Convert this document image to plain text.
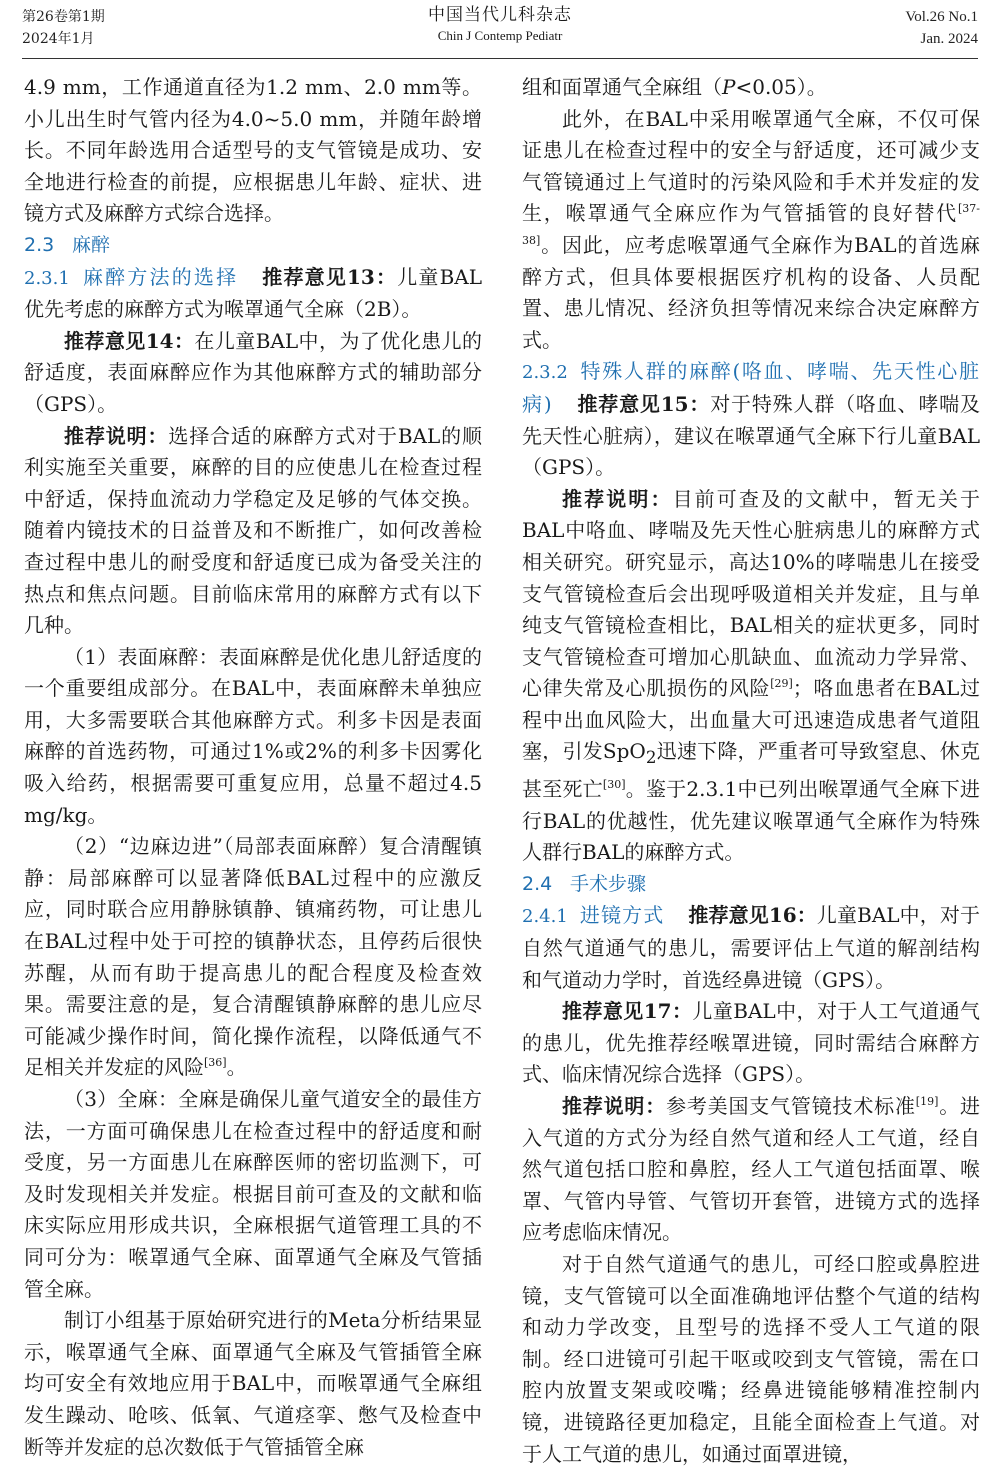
第26卷第1期
2024年1月
中国当代儿科杂志
Chin J Contemp Pediatr
Vol.26 No.1
Jan. 2024

4.9 mm，工作通道直径为1.2 mm、2.0 mm等。小儿出生时气管内径为4.0~5.0 mm，并随年龄增长。不同年龄选用合适型号的支气管镜是成功、安全地进行检查的前提，应根据患儿年龄、症状、进镜方式及麻醉方式综合选择。

2.3 麻醉

2.3.1 麻醉方法的选择 推荐意见13：儿童BAL优先考虑的麻醉方式为喉罩通气全麻（2B）。

推荐意见14：在儿童BAL中，为了优化患儿的舒适度，表面麻醉应作为其他麻醉方式的辅助部分（GPS）。

推荐说明：选择合适的麻醉方式对于BAL的顺利实施至关重要，麻醉的目的应使患儿在检查过程中舒适，保持血流动力学稳定及足够的气体交换。随着内镜技术的日益普及和不断推广，如何改善检查过程中患儿的耐受度和舒适度已成为备受关注的热点和焦点问题。目前临床常用的麻醉方式有以下几种。

（1）表面麻醉：表面麻醉是优化患儿舒适度的一个重要组成部分。在BAL中，表面麻醉未单独应用，大多需要联合其他麻醉方式。利多卡因是表面麻醉的首选药物，可通过1%或2%的利多卡因雾化吸入给药，根据需要可重复应用，总量不超过4.5 mg/kg。

（2）“边麻边进”（局部表面麻醉）复合清醒镇静：局部麻醉可以显著降低BAL过程中的应激反应，同时联合应用静脉镇静、镇痛药物，可让患儿在BAL过程中处于可控的镇静状态，且停药后很快苏醒，从而有助于提高患儿的配合程度及检查效果。需要注意的是，复合清醒镇静麻醉的患儿应尽可能减少操作时间，简化操作流程，以降低通气不足相关并发症的风险[36]。

（3）全麻：全麻是确保儿童气道安全的最佳方法，一方面可确保患儿在检查过程中的舒适度和耐受度，另一方面患儿在麻醉医师的密切监测下，可及时发现相关并发症。根据目前可查及的文献和临床实际应用形成共识，全麻根据气道管理工具的不同可分为：喉罩通气全麻、面罩通气全麻及气管插管全麻。

制订小组基于原始研究进行的Meta分析结果显示，喉罩通气全麻、面罩通气全麻及气管插管全麻均可安全有效地应用于BAL中，而喉罩通气全麻组发生躁动、呛咳、低氧、气道痉挛、憋气及检查中断等并发症的总次数低于气管插管全麻

组和面罩通气全麻组（P<0.05）。

此外，在BAL中采用喉罩通气全麻，不仅可保证患儿在检查过程中的安全与舒适度，还可减少支气管镜通过上气道时的污染风险和手术并发症的发生，喉罩通气全麻应作为气管插管的良好替代[37-38]。因此，应考虑喉罩通气全麻作为BAL的首选麻醉方式，但具体要根据医疗机构的设备、人员配置、患儿情况、经济负担等情况来综合决定麻醉方式。

2.3.2 特殊人群的麻醉(咯血、哮喘、先天性心脏病) 推荐意见15：对于特殊人群（咯血、哮喘及先天性心脏病），建议在喉罩通气全麻下行儿童BAL（GPS）。

推荐说明：目前可查及的文献中，暂无关于BAL中咯血、哮喘及先天性心脏病患儿的麻醉方式相关研究。研究显示，高达10%的哮喘患儿在接受支气管镜检查后会出现呼吸道相关并发症，且与单纯支气管镜检查相比，BAL相关的症状更多，同时支气管镜检查可增加心肌缺血、血流动力学异常、心律失常及心肌损伤的风险[29]；咯血患者在BAL过程中出血风险大，出血量大可迅速造成患者气道阻塞，引发SpO$_2$迅速下降，严重者可导致窒息、休克甚至死亡[30]。鉴于2.3.1中已列出喉罩通气全麻下进行BAL的优越性，优先建议喉罩通气全麻作为特殊人群行BAL的麻醉方式。

2.4 手术步骤

2.4.1 进镜方式 推荐意见16：儿童BAL中，对于自然气道通气的患儿，需要评估上气道的解剖结构和气道动力学时，首选经鼻进镜（GPS）。

推荐意见17：儿童BAL中，对于人工气道通气的患儿，优先推荐经喉罩进镜，同时需结合麻醉方式、临床情况综合选择（GPS）。

推荐说明：参考美国支气管镜技术标准[19]。进入气道的方式分为经自然气道和经人工气道，经自然气道包括口腔和鼻腔，经人工气道包括面罩、喉罩、气管内导管、气管切开套管，进镜方式的选择应考虑临床情况。

对于自然气道通气的患儿，可经口腔或鼻腔进镜，支气管镜可以全面准确地评估整个气道的结构和动力学改变，且型号的选择不受人工气道的限制。经口进镜可引起干呕或咬到支气管镜，需在口腔内放置支架或咬嘴；经鼻进镜能够精准控制内镜，进镜路径更加稳定，且能全面检查上气道。对于人工气道的患儿，如通过面罩进镜，
